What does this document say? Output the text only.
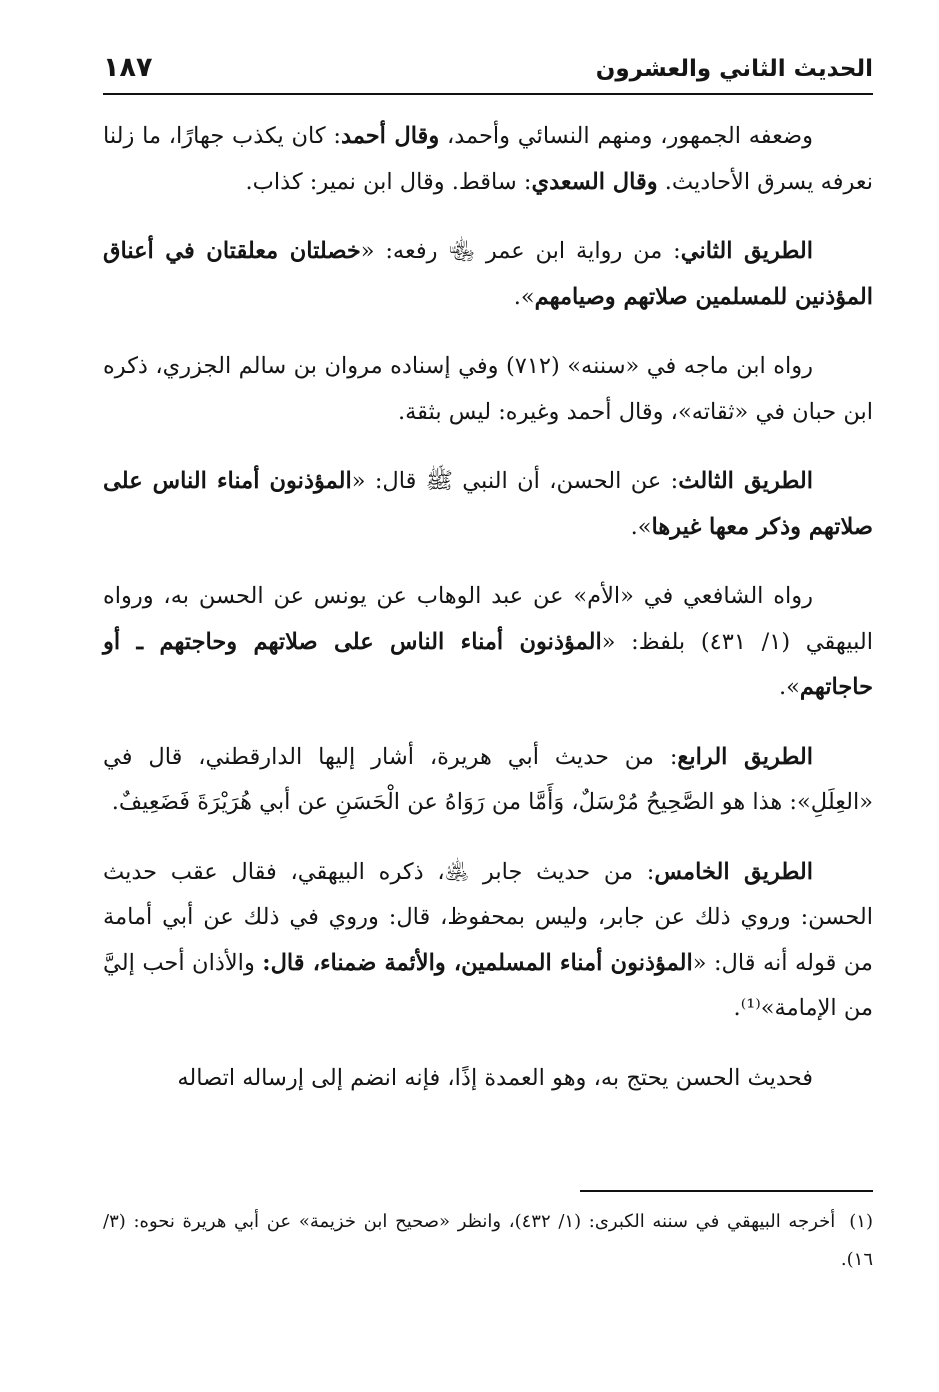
الحديث الثاني والعشرون
١٨٧

وضعفه الجمهور، ومنهم النسائي وأحمد، وقال أحمد: كان يكذب جهارًا، ما زلنا نعرفه يسرق الأحاديث. وقال السعدي: ساقط. وقال ابن نمير: كذاب.

الطريق الثاني: من رواية ابن عمر ﵄ رفعه: «خصلتان معلقتان في أعناق المؤذنين للمسلمين صلاتهم وصيامهم».

رواه ابن ماجه في «سننه» (٧١٢) وفي إسناده مروان بن سالم الجزري، ذكره ابن حبان في «ثقاته»، وقال أحمد وغيره: ليس بثقة.

الطريق الثالث: عن الحسن، أن النبي ﷺ قال: «المؤذنون أمناء الناس على صلاتهم وذكر معها غيرها».

رواه الشافعي في «الأم» عن عبد الوهاب عن يونس عن الحسن به، ورواه البيهقي (١/ ٤٣١) بلفظ: «المؤذنون أمناء الناس على صلاتهم وحاجتهم ـ أو حاجاتهم».

الطريق الرابع: من حديث أبي هريرة، أشار إليها الدارقطني، قال في «العِلَلِ»: هذا هو الصَّحِيحُ مُرْسَلٌ، وَأَمَّا من رَوَاهُ عن الْحَسَنِ عن أبي هُرَيْرَةَ فَضَعِيفٌ.

الطريق الخامس: من حديث جابر ﵁، ذكره البيهقي، فقال عقب حديث الحسن: وروي ذلك عن جابر، وليس بمحفوظ، قال: وروي في ذلك عن أبي أمامة من قوله أنه قال: «المؤذنون أمناء المسلمين، والأئمة ضمناء، قال: والأذان أحب إليَّ من الإمامة»⁽¹⁾.

فحديث الحسن يحتج به، وهو العمدة إذًا، فإنه انضم إلى إرساله اتصاله

(١)أخرجه البيهقي في سننه الكبرى: (١/ ٤٣٢)، وانظر «صحيح ابن خزيمة» عن أبي هريرة نحوه: (٣/ ١٦).
